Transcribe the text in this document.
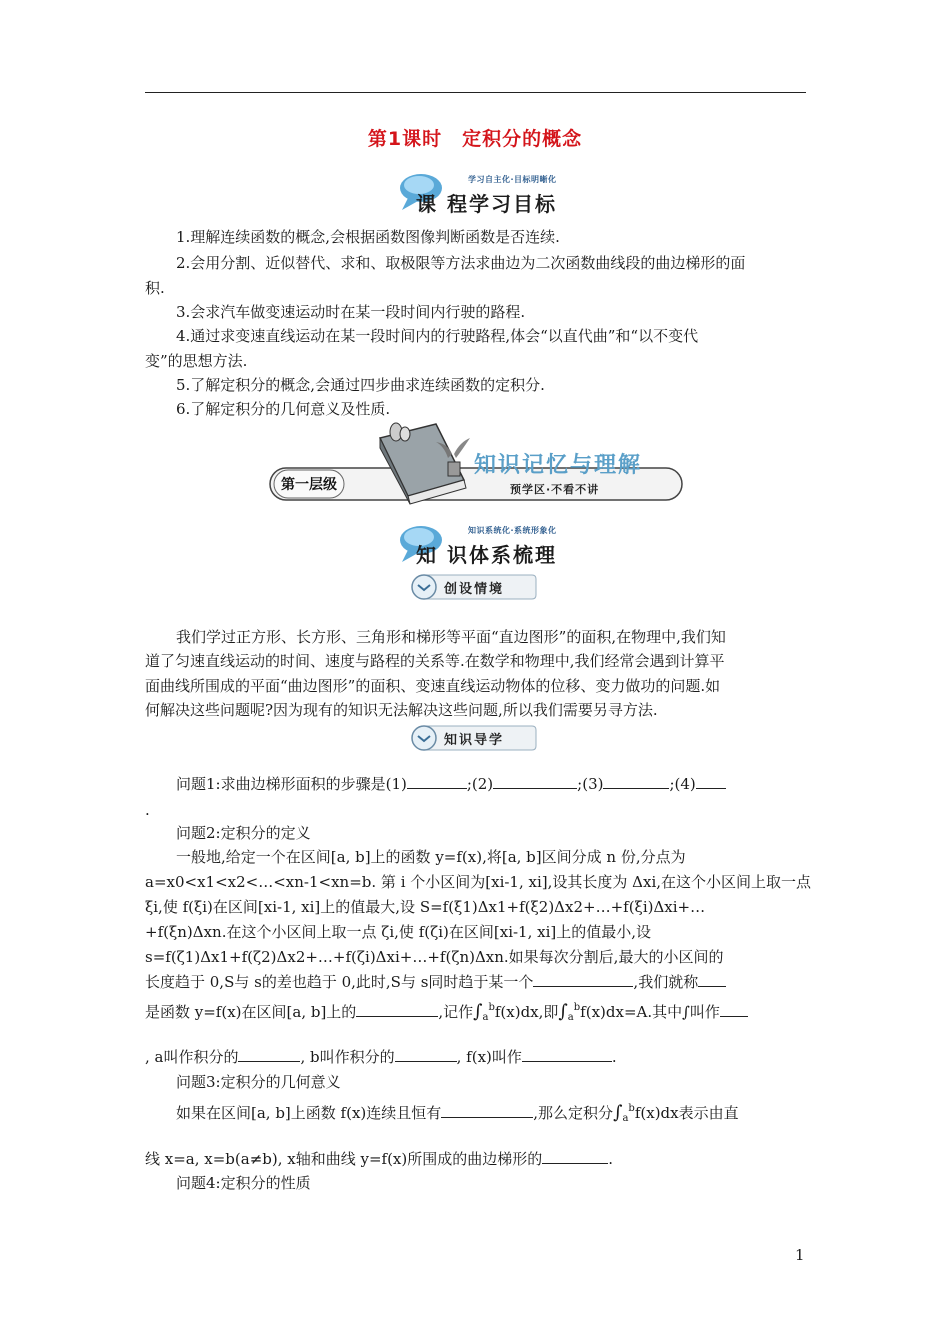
第1课时　定积分的概念
学习自主化·目标明晰化
课 程学习目标
1.理解连续函数的概念,会根据函数图像判断函数是否连续.
2.会用分割、近似替代、求和、取极限等方法求曲边为二次函数曲线段的曲边梯形的面
积.
3.会求汽车做变速运动时在某一段时间内行驶的路程.
4.通过求变速直线运动在某一段时间内的行驶路程,体会“以直代曲”和“以不变代
变”的思想方法.
5.了解定积分的概念,会通过四步曲求连续函数的定积分.
6.了解定积分的几何意义及性质.
第一层级
知识记忆与理解
预学区·不看不讲
知识系统化·系统形象化
知 识体系梳理
创设情境
我们学过正方形、长方形、三角形和梯形等平面“直边图形”的面积,在物理中,我们知
道了匀速直线运动的时间、速度与路程的关系等.在数学和物理中,我们经常会遇到计算平
面曲线所围成的平面“曲边图形”的面积、变速直线运动物体的位移、变力做功的问题.如
何解决这些问题呢?因为现有的知识无法解决这些问题,所以我们需要另寻方法.
知识导学
问题1:求曲边梯形面积的步骤是(1)	;(2)	;(3)	;(4)
.
问题2:定积分的定义
一般地,给定一个在区间[a, b]上的函数 y=f(x),将[a, b]区间分成 n 份,分点为
a=x0<x1<x2<…<xn-1<xn=b. 第 i 个小区间为[xi-1, xi],设其长度为 Δxi,在这个小区间上取一点
ξi,使 f(ξi)在区间[xi-1, xi]上的值最大,设 S=f(ξ1)Δx1+f(ξ2)Δx2+…+f(ξi)Δxi+…
+f(ξn)Δxn.在这个小区间上取一点 ζi,使 f(ζi)在区间[xi-1, xi]上的值最小,设
s=f(ζ1)Δx1+f(ζ2)Δx2+…+f(ζi)Δxi+…+f(ζn)Δxn.如果每次分割后,最大的小区间的
长度趋于 0,S与 s的差也趋于 0,此时,S与 s同时趋于某一个	,我们就称
是函数 y=f(x)在区间[a, b]上的	,记作$\int_a^bf(x)dx$,即$\int_a^bf(x)dx=A$.其中∫叫作
, a叫作积分的	, b叫作积分的	, f(x)叫作	.
问题3:定积分的几何意义
如果在区间[a, b]上函数 f(x)连续且恒有	,那么定积分$\int_a^bf(x)dx$表示由直
线 x=a, x=b(a≠b), x轴和曲线 y=f(x)所围成的曲边梯形的	.
问题4:定积分的性质
1
